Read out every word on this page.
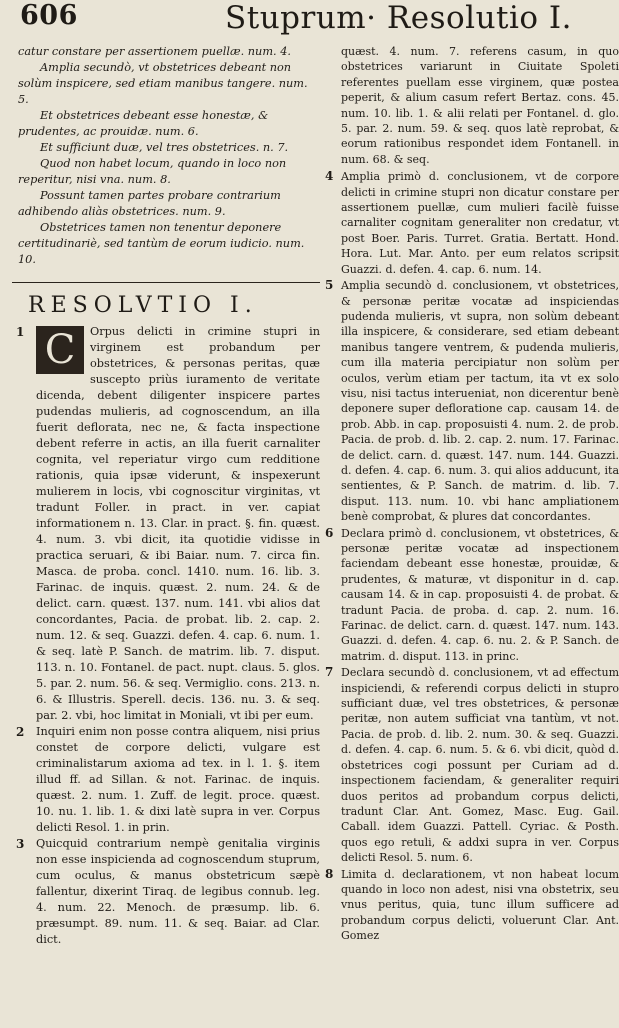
606	Stuprum· Resolutio I.

catur constare per assertionem puellæ. num. 4.

Amplia secundò, vt obstetrices debeant non solùm inspicere, sed etiam manibus tangere. num. 5.

Et obstetrices debeant esse honestæ, & prudentes, ac prouidæ. num. 6.

Et sufficiunt duæ, vel tres obstetrices. n. 7.

Quod non habet locum, quando in loco non reperitur, nisi vna. num. 8.

Possunt tamen partes probare contrarium adhibendo aliàs obstetrices. num. 9.

Obstetrices tamen non tenentur deponere certitudinariè, sed tantùm de eorum iudicio. num. 10.

RESOLVTIO I.
1 C	Orpus delicti in crimine stupri in virginem est probandum per obstetrices, & personas peritas, quæ suscepto priùs iuramento de veritate dicenda, debent diligenter inspicere partes pudendas mulieris, ad cognoscendum, an illa fuerit deflorata, nec ne, & facta inspectione debent referre in actis, an illa fuerit carnaliter cognita, vel reperiatur virgo cum redditione rationis, quia ipsæ viderunt, & inspexerunt mulierem in locis, vbi cognoscitur virginitas, vt tradunt Foller. in pract. in ver. capiat informationem n. 13. Clar. in pract. §. fin. quæst. 4. num. 3. vbi dicit, ita quotidie vidisse in practica seruari, & ibi Baiar. num. 7. circa fin. Masca. de proba. concl. 1410. num. 16. lib. 3. Farinac. de inquis. quæst. 2. num. 24. & de delict. carn. quæst. 137. num. 141. vbi alios dat concordantes, Pacia. de probat. lib. 2. cap. 2. num. 12. & seq. Guazzi. defen. 4. cap. 6. num. 1. & seq. latè P. Sanch. de matrim. lib. 7. disput. 113. n. 10. Fontanel. de pact. nupt. claus. 5. glos. 5. par. 2. num. 56. & seq. Vermiglio. cons. 213. n. 6. & Illustris. Sperell. decis. 136. nu. 3. & seq. par. 2. vbi, hoc limitat in Moniali, vt ibi per eum.
2	Inquiri enim non posse contra aliquem, nisi prius constet de corpore delicti, vulgare est criminalistarum axioma ad tex. in l. 1. §. item illud ff. ad Sillan. & not. Farinac. de inquis. quæst. 2. num. 1. Zuff. de legit. proce. quæst. 10. nu. 1. lib. 1. & dixi latè supra in ver. Corpus delicti Resol. 1. in prin.
3	Quicquid contrarium nempè genitalia virginis non esse inspicienda ad cognoscendum stuprum, cum oculus, & manus obstetricum sæpè fallentur, dixerint Tiraq. de legibus connub. leg. 4. num. 22. Menoch. de præsump. lib. 6. præsumpt. 89. num. 11. & seq. Baiar. ad Clar. dict.
quæst. 4. num. 7. referens casum, in quo obstetrices variarunt in Ciuitate Spoleti referentes puellam esse virginem, quæ postea peperit, & alium casum refert Bertaz. cons. 45. num. 10. lib. 1. & alii relati per Fontanel. d. glo. 5. par. 2. num. 59. & seq. quos latè reprobat, & eorum rationibus respondet idem Fontanell. in num. 68. & seq.
4 Amplia primò d. conclusionem, vt de corpore delicti in crimine stupri non dicatur constare per assertionem puellæ, cum mulieri facilè fuisse carnaliter cognitam generaliter non credatur, vt post Boer. Paris. Turret. Gratia. Bertatt. Hond. Hora. Lut. Mar. Anto. per eum relatos scripsit Guazzi. d. defen. 4. cap. 6. num. 14.
5 Amplia secundò d. conclusionem, vt obstetrices, & personæ peritæ vocatæ ad inspiciendas pudenda mulieris, vt supra, non solùm debeant illa inspicere, & considerare, sed etiam debeant manibus tangere ventrem, & pudenda mulieris, cum illa materia percipiatur non solùm per oculos, verùm etiam per tactum, ita vt ex solo visu, nisi tactus interueniat, non dicerentur benè deponere super defloratione cap. causam 14. de prob. Abb. in cap. proposuisti 4. num. 2. de prob. Pacia. de prob. d. lib. 2. cap. 2. num. 17. Farinac. de delict. carn. d. quæst. 147. num. 144. Guazzi. d. defen. 4. cap. 6. num. 3. qui alios adducunt, ita sentientes, & P. Sanch. de matrim. d. lib. 7. disput. 113. num. 10. vbi hanc ampliationem benè comprobat, & plures dat concordantes.
6 Declara primò d. conclusionem, vt obstetrices, & personæ peritæ vocatæ ad inspectionem faciendam debeant esse honestæ, prouidæ, & prudentes, & maturæ, vt disponitur in d. cap. causam 14. & in cap. proposuisti 4. de probat. & tradunt Pacia. de proba. d. cap. 2. num. 16. Farinac. de delict. carn. d. quæst. 147. num. 143. Guazzi. d. defen. 4. cap. 6. nu. 2. & P. Sanch. de matrim. d. disput. 113. in princ.
7 Declara secundò d. conclusionem, vt ad effectum inspiciendi, & referendi corpus delicti in stupro sufficiant duæ, vel tres obstetrices, & personæ peritæ, non autem sufficiat vna tantùm, vt not. Pacia. de prob. d. lib. 2. num. 30. & seq. Guazzi. d. defen. 4. cap. 6. num. 5. & 6. vbi dicit, quòd d. obstetrices cogi possunt per Curiam ad d. inspectionem faciendam, & generaliter requiri duos peritos ad probandum corpus delicti, tradunt Clar. Ant. Gomez, Masc. Eug. Gail. Caball. idem Guazzi. Pattell. Cyriac. & Posth. quos ego retuli, & addxi supra in ver. Corpus delicti Resol. 5. num. 6.
8 Limita d. declarationem, vt non habeat locum quando in loco non adest, nisi vna obstetrix, seu vnus peritus, quia, tunc illum sufficere ad probandum corpus delicti, voluerunt Clar. Ant. Gomez
